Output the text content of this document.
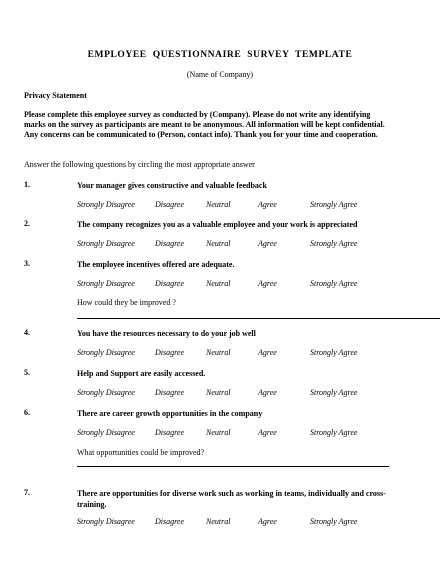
EMPLOYEE QUESTIONNAIRE SURVEY TEMPLATE
(Name of Company)
Privacy Statement
Please complete this employee survey as conducted by (Company). Please do not write any identifying marks on the survey as participants are meant to be anonymous. All information will be kept confidential. Any concerns can be communicated to (Person, contact info). Thank you for your time and cooperation.
Answer the following questions by circling the most appropriate answer
1.	Your manager gives constructive and valuable feedback
Strongly Disagree	Disagree	Neutral	Agree	Strongly Agree
2.	The company recognizes you as a valuable employee and your work is appreciated
Strongly Disagree	Disagree	Neutral	Agree	Strongly Agree
3.	The employee incentives offered are adequate.
Strongly Disagree	Disagree	Neutral	Agree	Strongly Agree
How could they be improved ?
4.	You have the resources necessary to do your job well
Strongly Disagree	Disagree	Neutral	Agree	Strongly Agree
5.	Help and Support are easily accessed.
Strongly Disagree	Disagree	Neutral	Agree	Strongly Agree
6.	There are career growth opportunities in the company
Strongly Disagree	Disagree	Neutral	Agree	Strongly Agree
What opportunities could be improved?
7.	There are opportunities for diverse work such as working in teams, individually and cross-training.
Strongly Disagree	Disagree	Neutral	Agree	Strongly Agree
